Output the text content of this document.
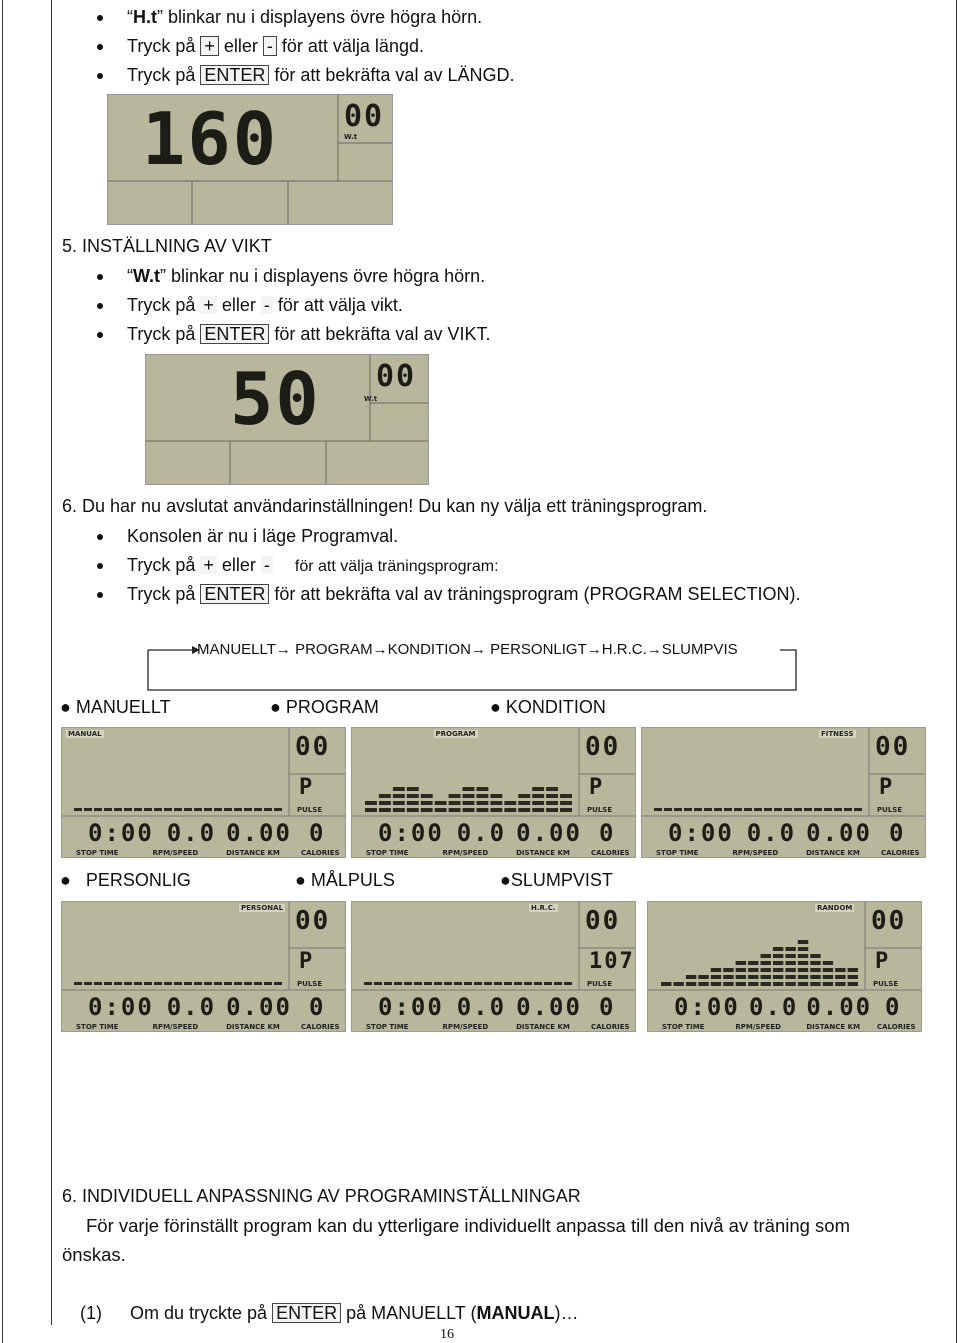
“H.t” blinkar nu i displayens övre högra hörn.
Tryck på + eller - för att välja längd.
Tryck på ENTER för att bekräfta val av LÄNGD.
160 00
W.t
5. INSTÄLLNING AV VIKT
“W.t” blinkar nu i displayens övre högra hörn.
Tryck på + eller - för att välja vikt.
Tryck på ENTER för att bekräfta val av VIKT.
50 00
W.t
6. Du har nu avslutat användarinställningen! Du kan ny välja ett träningsprogram.
Konsolen är nu i läge Programval.
Tryck på + eller - för att välja träningsprogram:
Tryck på ENTER för att bekräfta val av träningsprogram (PROGRAM SELECTION).
MANUELLT→ PROGRAM→KONDITION→ PERSONLIGT→H.R.C.→SLUMPVIS
● MANUELLT	● PROGRAM	● KONDITION
MANUAL	00
P
PULSE
0:00 0.0 0.00 0
STOP TIME	RPM/SPEED	DISTANCE KM	CALORIES
PROGRAM	00
P
PULSE
0:00 0.0 0.00 0
STOP TIME	RPM/SPEED	DISTANCE KM	CALORIES
FITNESS 00
P
PULSE
0:00 0.0 0.00 0
STOP TIME	RPM/SPEED	DISTANCE KM	CALORIES
●   PERSONLIG	● MÅLPULS	●SLUMPVIST
PERSONAL 00
P
PULSE
0:00 0.0 0.00 0
STOP TIME	RPM/SPEED	DISTANCE KM	CALORIES
H.R.C. 00
107
PULSE
0:00 0.0 0.00 0
STOP TIME	RPM/SPEED	DISTANCE KM	CALORIES
RANDOM 00
P
PULSE
0:00 0.0 0.00 0
STOP TIME	RPM/SPEED	DISTANCE KM CALORIES
6. INDIVIDUELL ANPASSNING AV PROGRAMINSTÄLLNINGAR
För varje förinställt program kan du ytterligare individuellt anpassa till den nivå av träning som
önskas.
(1) Om du tryckte på ENTER på MANUELLT (MANUAL)…
16
